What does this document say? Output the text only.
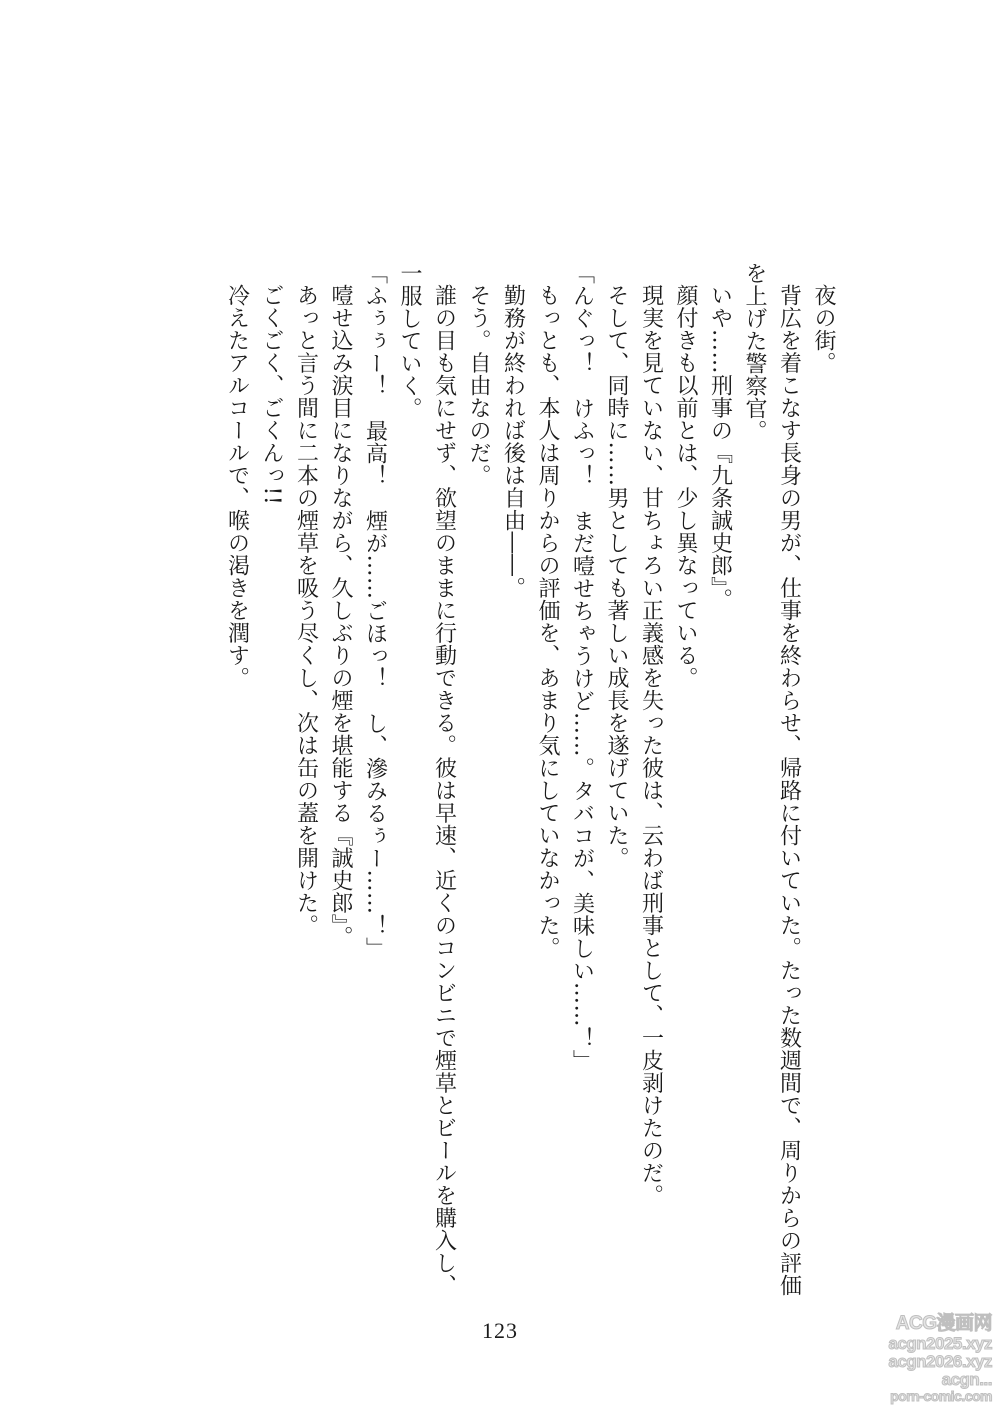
夜の街。

背広を着こなす長身の男が、仕事を終わらせ、帰路に付いていた。たった数週間で、周りからの評価を上げた警察官。

いや……刑事の『九条誠史郎』。

顔付きも以前とは、少し異なっている。

現実を見ていない、甘ちょろい正義感を失った彼は、云わば刑事として、一皮剥けたのだ。

そして、同時に……男としても著しい成長を遂げていた。

「んぐっ！　けふっ！　まだ噎せちゃうけど……。タバコが、美味しい……！」

もっとも、本人は周りからの評価を、あまり気にしていなかった。

勤務が終われば後は自由――。

そう。自由なのだ。

誰の目も気にせず、欲望のままに行動できる。彼は早速、近くのコンビニで煙草とビールを購入し、一服していく。

「ふぅぅー！　最高！　煙が……ごほっ！　し、滲みるぅー……！」

噎せ込み涙目になりながら、久しぶりの煙を堪能する『誠史郎』。

あっと言う間に二本の煙草を吸う尽くし、次は缶の蓋を開けた。

ごくごく、ごくんっ!!

冷えたアルコールで、喉の渇きを潤す。

123	ACG漫画网
acgn2025.xyz
acgn2026.xyz
acgn...
porn-comic.com
